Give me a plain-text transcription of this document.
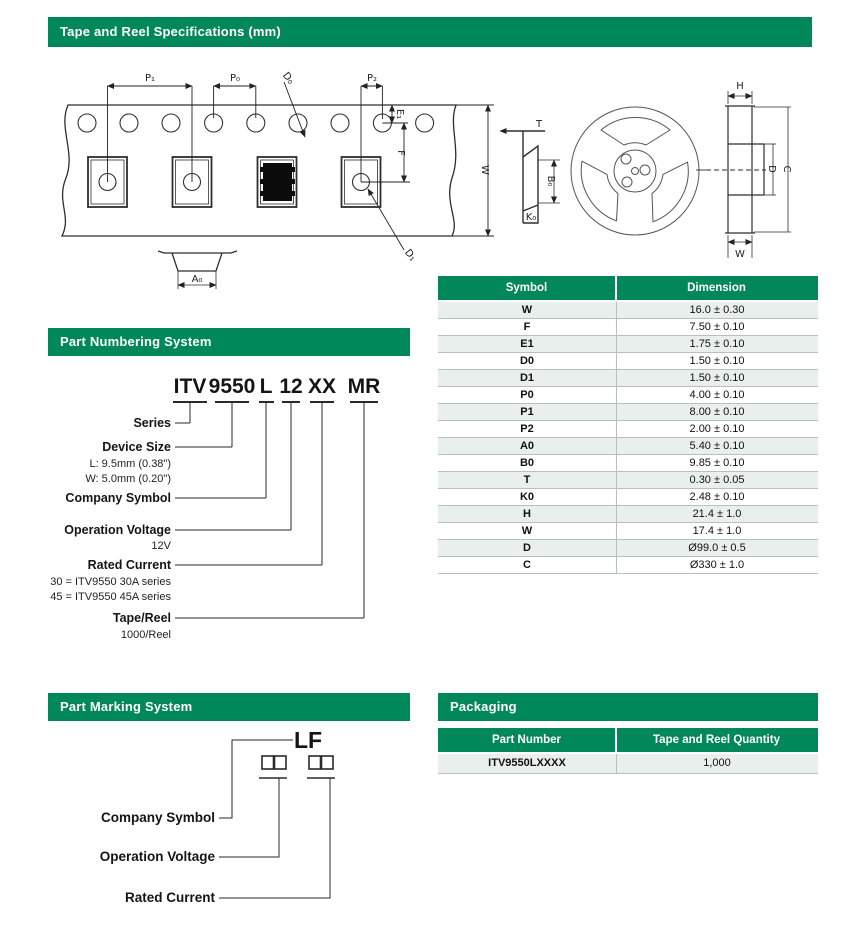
Tape and Reel Specifications (mm)
Part Numbering System
Part Marking System	Packaging
P₁	P₀	D₀	P₂
E₁
F
W
D₁
A₀
T
B₀
K₀
H
D C
W
Symbol	Dimension
W	16.0 ± 0.30
F	7.50 ± 0.10
E1	1.75 ± 0.10
D0	1.50 ± 0.10
D1	1.50 ± 0.10
P0	4.00 ± 0.10
P1	8.00 ± 0.10
P2	2.00 ± 0.10
A0	5.40 ± 0.10
B0	9.85 ± 0.10
T	0.30 ± 0.05
K0	2.48 ± 0.10
H	21.4 ± 1.0
W	17.4 ± 1.0
D	Ø99.0 ± 0.5
C	Ø330 ± 1.0
ITV 9550 L 12 XX MR
Series
Device Size
L: 9.5mm (0.38")
W: 5.0mm (0.20")
Company Symbol
Operation Voltage
12V
Rated Current
30 = ITV9550 30A series
45 = ITV9550 45A series
Tape/Reel
1000/Reel
LF
Company Symbol
Operation Voltage
Rated Current
Part Number	Tape and Reel Quantity
ITV9550LXXXX	1,000
